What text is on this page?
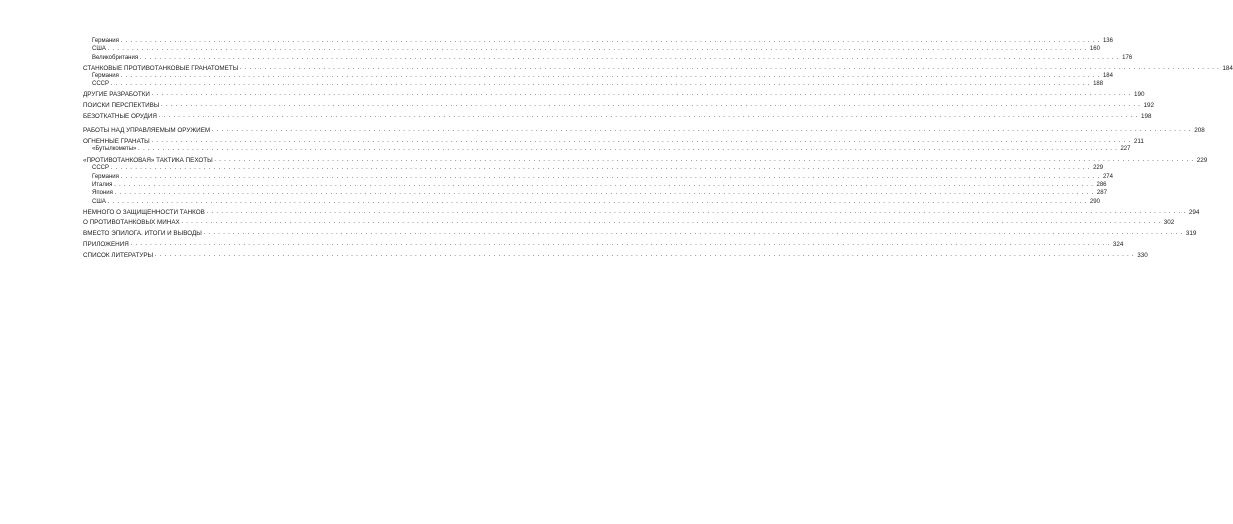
Германия ........................................................................................................................................................................................................ 136
США ........................................................................................................................................................................................................ 160
Великобритания ........................................................................................................................................................................................................ 176
СТАНКОВЫЕ ПРОТИВОТАНКОВЫЕ ГРАНАТОМЕТЫ ........................................................................................................................................................................................................ 184
Германия ........................................................................................................................................................................................................ 184
СССР ........................................................................................................................................................................................................ 188
ДРУГИЕ РАЗРАБОТКИ ........................................................................................................................................................................................................ 190
ПОИСКИ ПЕРСПЕКТИВЫ ........................................................................................................................................................................................................ 192
БЕЗОТКАТНЫЕ ОРУДИЯ ........................................................................................................................................................................................................ 198
РАБОТЫ НАД УПРАВЛЯЕМЫМ ОРУЖИЕМ ........................................................................................................................................................................................................ 208
ОГНЕННЫЕ ГРАНАТЫ ........................................................................................................................................................................................................ 211
«Бутылкометы» ........................................................................................................................................................................................................ 227
«ПРОТИВОТАНКОВАЯ» ТАКТИКА ПЕХОТЫ ........................................................................................................................................................................................................ 229
СССР ........................................................................................................................................................................................................ 229
Германия ........................................................................................................................................................................................................ 274
Италия ........................................................................................................................................................................................................ 286
Япония ........................................................................................................................................................................................................ 287
США ........................................................................................................................................................................................................ 290
НЕМНОГО О ЗАЩИЩЕННОСТИ ТАНКОВ ........................................................................................................................................................................................................ 294
О ПРОТИВОТАНКОВЫХ МИНАХ ........................................................................................................................................................................................................ 302
ВМЕСТО ЭПИЛОГА. ИТОГИ И ВЫВОДЫ ........................................................................................................................................................................................................ 319
ПРИЛОЖЕНИЯ ........................................................................................................................................................................................................ 324
СПИСОК ЛИТЕРАТУРЫ ........................................................................................................................................................................................................ 330
